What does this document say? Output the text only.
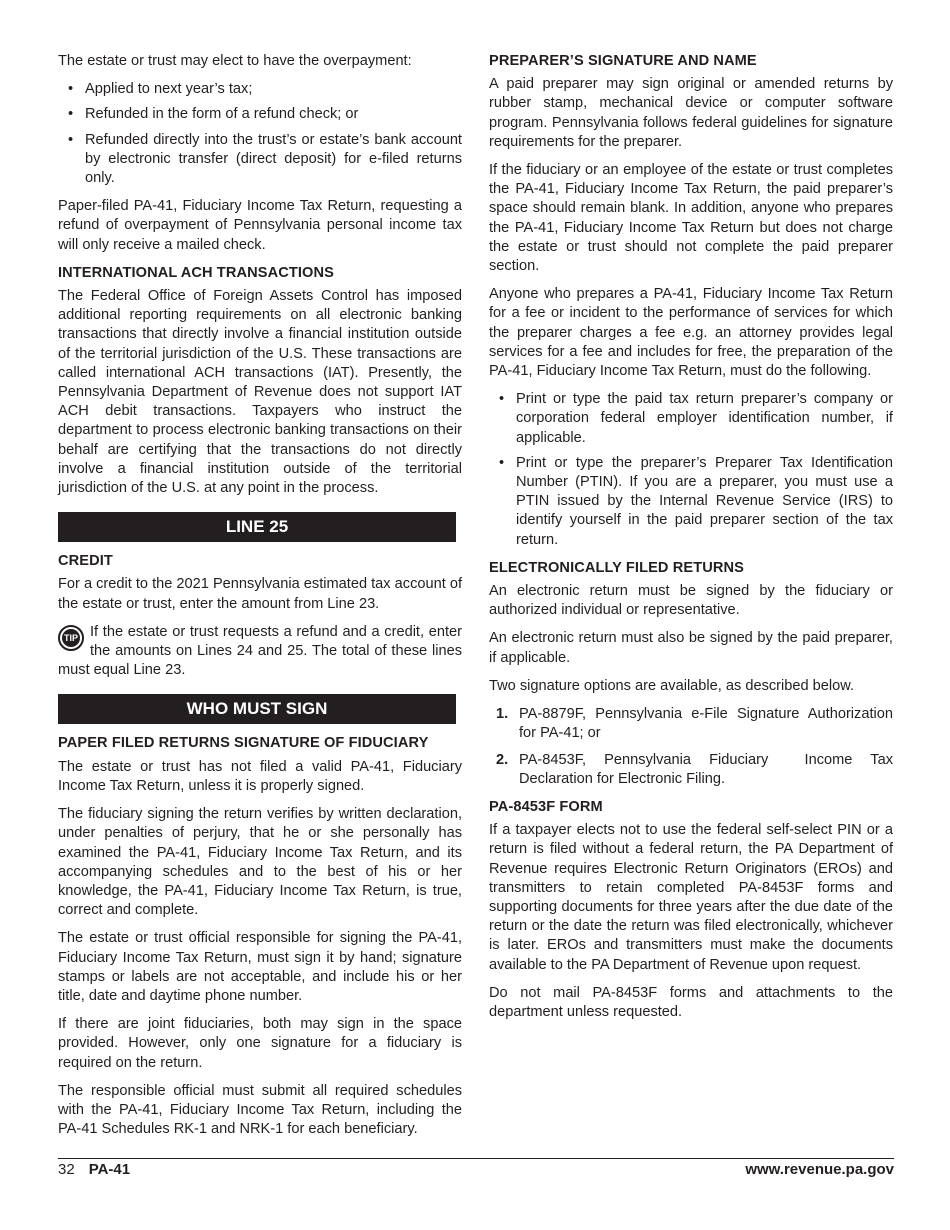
The estate or trust may elect to have the overpayment:

• Applied to next year’s tax;
• Refunded in the form of a refund check; or
• Refunded directly into the trust’s or estate’s bank account by electronic transfer (direct deposit) for e-filed returns only.

Paper-filed PA-41, Fiduciary Income Tax Return, requesting a refund of overpayment of Pennsylvania personal income tax will only receive a mailed check.

INTERNATIONAL ACH TRANSACTIONS

The Federal Office of Foreign Assets Control has imposed additional reporting requirements on all electronic banking transactions that directly involve a financial institution outside of the territorial jurisdiction of the U.S. These transactions are called international ACH transactions (IAT). Presently, the Pennsylvania Department of Revenue does not support IAT ACH debit transactions. Taxpayers who instruct the department to process electronic banking transactions on their behalf are certifying that the transactions do not directly involve a financial institution outside of the territorial jurisdiction of the U.S. at any point in the process.

LINE 25
CREDIT

For a credit to the 2021 Pennsylvania estimated tax account of the estate or trust, enter the amount from Line 23.

TIP If the estate or trust requests a refund and a credit, enter the amounts on Lines 24 and 25. The total of these lines must equal Line 23.

WHO MUST SIGN
PAPER FILED RETURNS SIGNATURE OF FIDUCIARY

The estate or trust has not filed a valid PA-41, Fiduciary Income Tax Return, unless it is properly signed.

The fiduciary signing the return verifies by written declaration, under penalties of perjury, that he or she personally has examined the PA-41, Fiduciary Income Tax Return, and its accompanying schedules and to the best of his or her knowledge, the PA-41, Fiduciary Income Tax Return, is true, correct and complete.

The estate or trust official responsible for signing the PA-41, Fiduciary Income Tax Return, must sign it by hand; signature stamps or labels are not acceptable, and include his or her title, date and daytime phone number.

If there are joint fiduciaries, both may sign in the space provided. However, only one signature for a fiduciary is required on the return.

The responsible official must submit all required schedules with the PA-41, Fiduciary Income Tax Return, including the PA-41 Schedules RK-1 and NRK-1 for each beneficiary.

PREPARER’S SIGNATURE AND NAME

A paid preparer may sign original or amended returns by rubber stamp, mechanical device or computer software program. Pennsylvania follows federal guidelines for signature requirements for the preparer.

If the fiduciary or an employee of the estate or trust completes the PA-41, Fiduciary Income Tax Return, the paid preparer’s space should remain blank. In addition, anyone who prepares the PA-41, Fiduciary Income Tax Return but does not charge the estate or trust should not complete the paid preparer section.

Anyone who prepares a PA-41, Fiduciary Income Tax Return for a fee or incident to the performance of services for which the preparer charges a fee e.g. an attorney provides legal services for a fee and includes for free, the preparation of the PA-41, Fiduciary Income Tax Return, must do the following.

• Print or type the paid tax return preparer’s company or corporation federal employer identification number, if applicable.
• Print or type the preparer’s Preparer Tax Identification Number (PTIN). If you are a preparer, you must use a PTIN issued by the Internal Revenue Service (IRS) to identify yourself in the paid preparer section of the tax return.
ELECTRONICALLY FILED RETURNS

An electronic return must be signed by the fiduciary or authorized individual or representative.

An electronic return must also be signed by the paid preparer, if applicable.

Two signature options are available, as described below.

1. PA-8879F, Pennsylvania e-File Signature Authorization for PA-41; or
2. PA-8453F, Pennsylvania Fiduciary  Income Tax Declaration for Electronic Filing.
PA-8453F FORM

If a taxpayer elects not to use the federal self-select PIN or a return is filed without a federal return, the PA Department of Revenue requires Electronic Return Originators (EROs) and transmitters to retain completed PA-8453F forms and supporting documents for three years after the due date of the return or the date the return was filed electronically, whichever is later. EROs and transmitters must make the documents available to the PA Department of Revenue upon request.

Do not mail PA-8453F forms and attachments to the department unless requested.

32 PA-41	www.revenue.pa.gov
